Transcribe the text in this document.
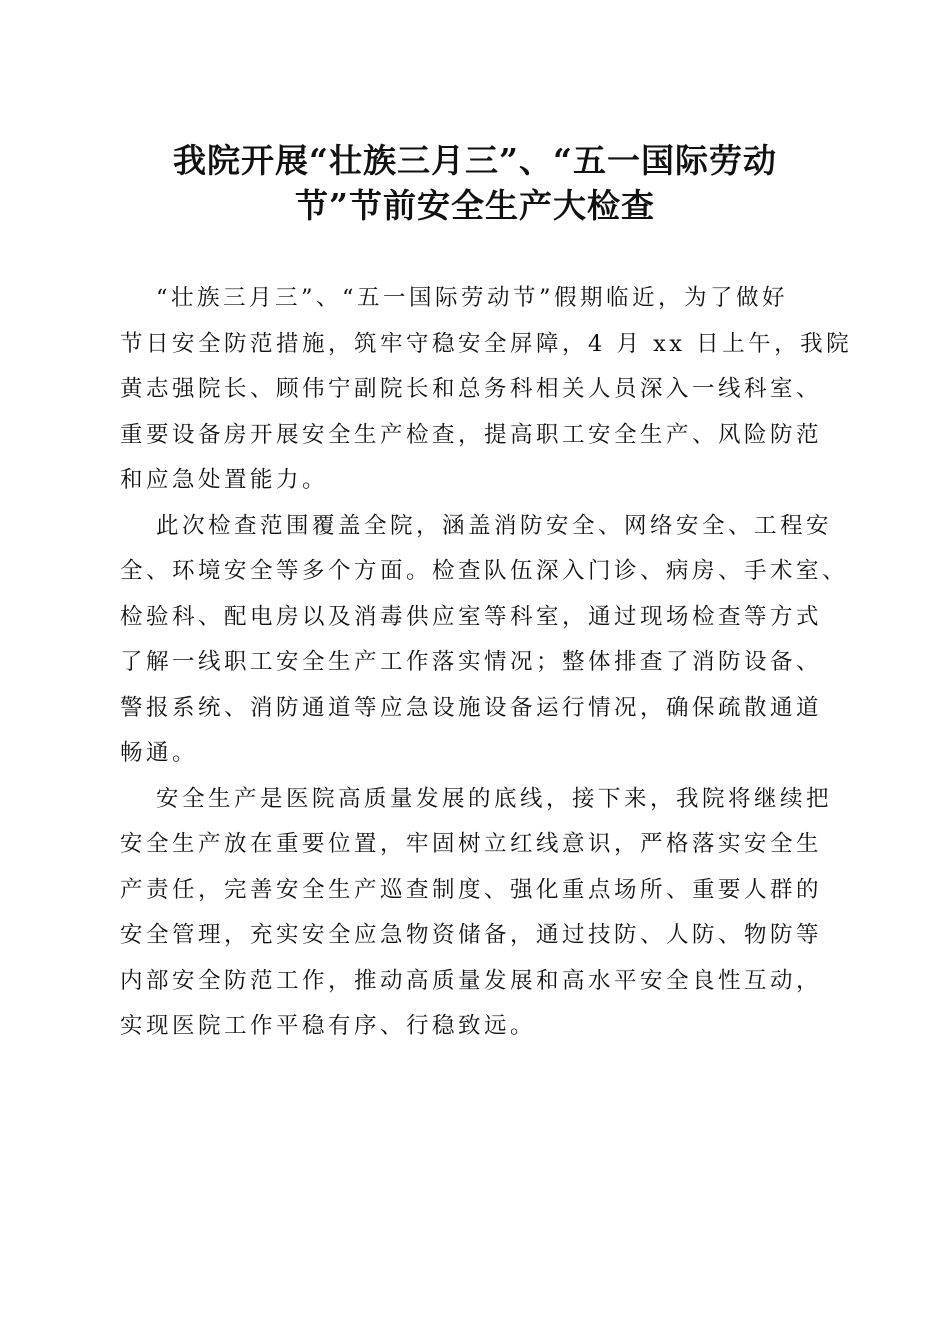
我院开展“壮族三月三”、“五一国际劳动
节”节前安全生产大检查

“壮族三月三”、“五一国际劳动节”假期临近，为了做好
节日安全防范措施，筑牢守稳安全屏障，4 月 xx 日上午，我院
黄志强院长、顾伟宁副院长和总务科相关人员深入一线科室、
重要设备房开展安全生产检查，提高职工安全生产、风险防范
和应急处置能力。

此次检查范围覆盖全院，涵盖消防安全、网络安全、工程安
全、环境安全等多个方面。检查队伍深入门诊、病房、手术室、
检验科、配电房以及消毒供应室等科室，通过现场检查等方式
了解一线职工安全生产工作落实情况；整体排查了消防设备、
警报系统、消防通道等应急设施设备运行情况，确保疏散通道
畅通。

安全生产是医院高质量发展的底线，接下来，我院将继续把
安全生产放在重要位置，牢固树立红线意识，严格落实安全生
产责任，完善安全生产巡查制度、强化重点场所、重要人群的
安全管理，充实安全应急物资储备，通过技防、人防、物防等
内部安全防范工作，推动高质量发展和高水平安全良性互动，
实现医院工作平稳有序、行稳致远。
